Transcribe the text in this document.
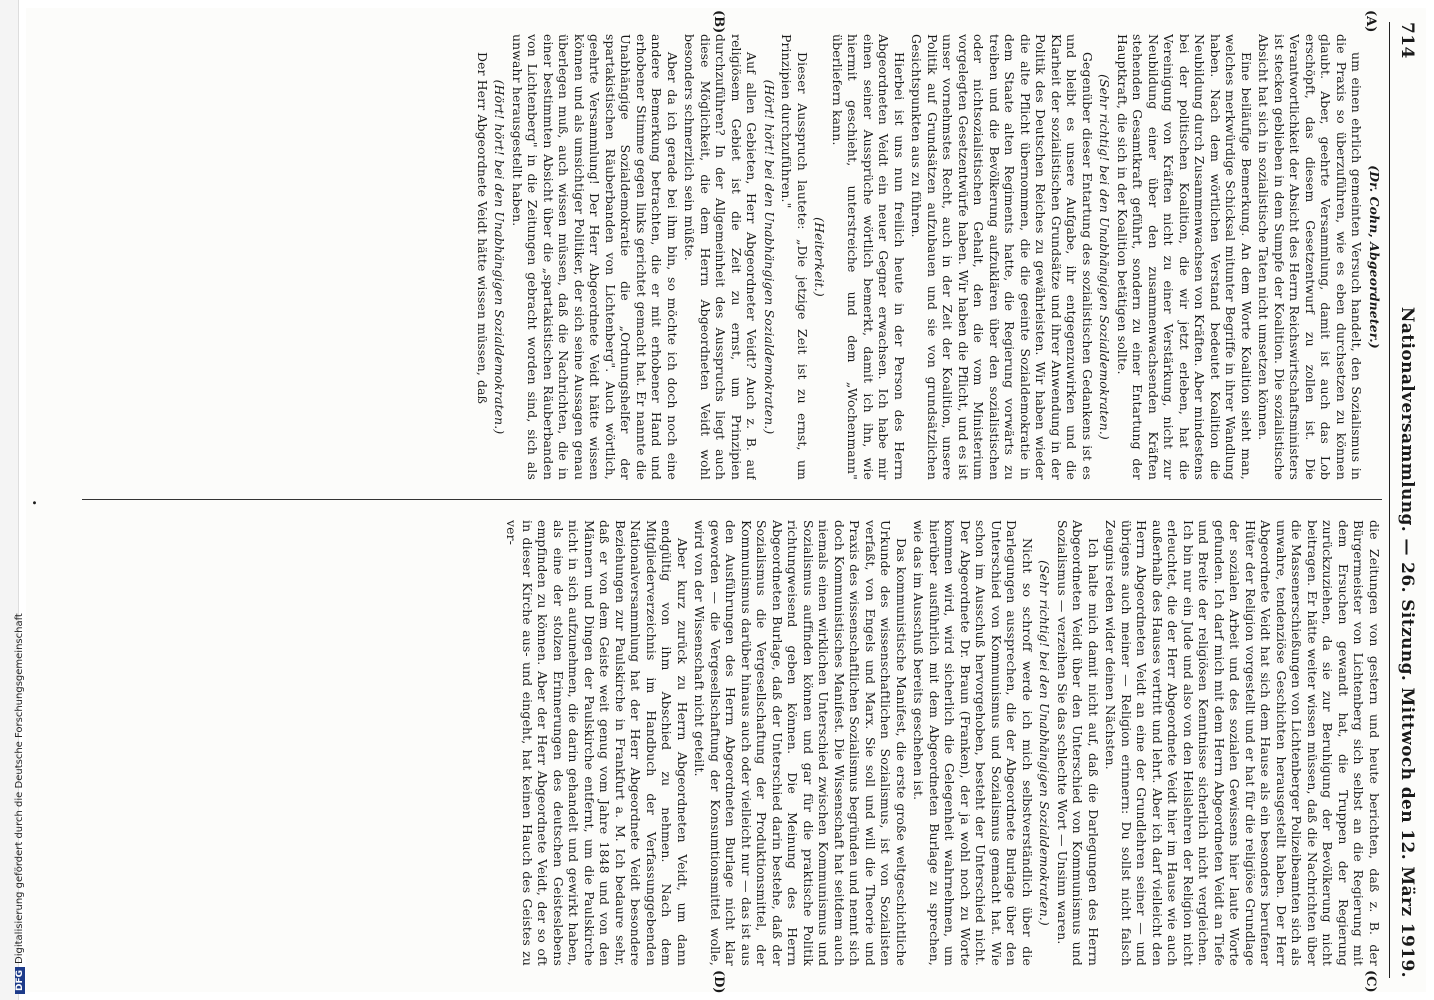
DFGDigitalisierung gefördert durch die Deutsche Forschungsgemeinschaft
714
Nationalversammlung. — 26. Sitzung. Mittwoch den 12. März 1919.
(A)
(B)
(C)
(D)

(Dr. Cohn, Abgeordneter.)

um einen ehrlich gemeinten Versuch handelt, den Sozialismus in die Praxis so überzuführen, wie es eben durchsetzen zu können glaubt. Aber, geehrte Versammlung, damit ist auch das Lob erschöpft, das diesem Gesetzentwurf zu zollen ist. Die Verantwortlichkeit der Absicht des Herrn Reichswirtschaftsministers ist stecken geblieben in dem Sumpfe der Koalition. Die sozialistische Absicht hat sich in sozialistische Taten nicht umsetzen können.

Eine beiläufige Bemerkung. An dem Worte Koalition sieht man, welches merkwürdige Schicksal mitunter Begriffe in ihrer Wandlung haben. Nach dem wörtlichen Verstand bedeutet Koalition die Neubildung durch Zusammenwachsen von Kräften. Aber mindestens bei der politischen Koalition, die wir jetzt erleben, hat die Vereinigung von Kräften nicht zu einer Verstärkung, nicht zur Neubildung einer über den zusammenwachsenden Kräften stehenden Gesamtkraft geführt, sondern zu einer Entartung der Hauptkraft, die sich in der Koalition betätigen sollte.

(Sehr richtig! bei den Unabhängigen Sozialdemokraten.)

Gegenüber dieser Entartung des sozialistischen Gedankens ist es und bleibt es unsere Aufgabe, ihr entgegenzuwirken und die Klarheit der sozialistischen Grundsätze und ihrer Anwendung in der Politik des Deutschen Reiches zu gewährleisten. Wir haben wieder die alte Pflicht übernommen, die die geeinte Sozialdemokratie in dem Staate alten Regiments hatte, die Regierung vorwärts zu treiben und die Bevölkerung aufzuklären über den sozialistischen oder nichtsozialistischen Gehalt, den die vom Ministerium vorgelegten Gesetzentwürfe haben. Wir haben die Pflicht, und es ist unser vornehmstes Recht, auch in der Zeit der Koalition, unsere Politik auf Grundsätzen aufzubauen und sie von grundsätzlichen Gesichtspunkten aus zu führen.

Hierbei ist uns nun freilich heute in der Person des Herrn Abgeordneten Veidt ein neuer Gegner erwachsen. Ich habe mir einen seiner Aussprüche wörtlich bemerkt, damit ich ihn, wie hiermit geschieht, unterstreiche und dem „Wochenmann" überliefern kann.

(Heiterkeit.)

Dieser Ausspruch lautete: „Die jetzige Zeit ist zu ernst, um Prinzipien durchzuführen."

(Hört! hört! bei den Unabhängigen Sozialdemokraten.)

Auf allen Gebieten, Herr Abgeordneter Veidt? Auch z. B. auf religiösem Gebiet ist die Zeit zu ernst, um Prinzipien durchzuführen? In der Allgemeinheit des Ausspruchs liegt auch diese Möglichkeit, die dem Herrn Abgeordneten Veidt wohl besonders schmerzlich sein müßte.

Aber da ich gerade bei ihm bin, so möchte ich doch noch eine andere Bemerkung betrachten, die er mit erhobener Hand und erhobener Stimme gegen links gerichtet gemacht hat. Er nannte die Unabhängige Sozialdemokratie die „Ordnungshelfer der spartakistischen Räuberbanden von Lichtenberg". Auch wörtlich, geehrte Versammlung! Der Herr Abgeordnete Veidt hätte wissen können und als umsichtiger Politiker, der sich seine Aussagen genau überlegen muß, auch wissen müssen, daß die Nachrichten, die in einer bestimmten Absicht über die „spartakistischen Räuberbanden von Lichtenberg" in die Zeitungen gebracht worden sind, sich als unwahr herausgestellt haben.

(Hört! hört! bei den Unabhängigen Sozialdemokraten.)

Der Herr Abgeordnete Veidt hätte wissen müssen, daß

die Zeitungen von gestern und heute berichten, daß z. B. der Bürgermeister von Lichtenberg sich selbst an die Regierung mit dem Ersuchen gewandt hat, die Truppen der Regierung zurückzuziehen, da sie zur Beruhigung der Bevölkerung nicht beitragen. Er hätte weiter wissen müssen, daß die Nachrichten über die Massenerschießungen von Lichtenberger Polizeibeamten sich als unwahre, tendenziöse Geschichten herausgestellt haben. Der Herr Abgeordnete Veidt hat sich dem Hause als ein besonders berufener Hüter der Religion vorgestellt und er hat für die religiöse Grundlage der sozialen Arbeit und des sozialen Gewissens hier laute Worte gefunden. Ich darf mich mit dem Herrn Abgeordneten Veidt an Tiefe und Breite der religiösen Kenntnisse sicherlich nicht vergleichen. Ich bin nur ein Jude und also von den Heilslehren der Religion nicht erleuchtet, die der Herr Abgeordnete Veidt hier im Hause wie auch außerhalb des Hauses vertritt und lehrt. Aber ich darf vielleicht den Herrn Abgeordneten Veidt an eine der Grundlehren seiner — und übrigens auch meiner — Religion erinnern: Du sollst nicht falsch Zeugnis reden wider deinen Nächsten.

Ich halte mich damit nicht auf, daß die Darlegungen des Herrn Abgeordneten Veidt über den Unterschied von Kommunismus und Sozialismus — verzeihen Sie das schlechte Wort — Unsinn waren.

(Sehr richtig! bei den Unabhängigen Sozialdemokraten.)

Nicht so schroff werde ich mich selbstverständlich über die Darlegungen aussprechen, die der Abgeordnete Burlage über den Unterschied von Kommunismus und Sozialismus gemacht hat. Wie schon im Ausschuß hervorgehoben, besteht der Unterschied nicht. Der Abgeordnete Dr. Braun (Franken), der ja wohl noch zu Worte kommen wird, wird sicherlich die Gelegenheit wahrnehmen, um hierüber ausführlich mit dem Abgeordneten Burlage zu sprechen, wie das im Ausschuß bereits geschehen ist.

Das kommunistische Manifest, die erste große weltgeschichtliche Urkunde des wissenschaftlichen Sozialismus, ist von Sozialisten verfaßt, von Engels und Marx. Sie soll und will die Theorie und Praxis des wissenschaftlichen Sozialismus begründen und nennt sich doch Kommunistisches Manifest. Die Wissenschaft hat seitdem auch niemals einen wirklichen Unterschied zwischen Kommunismus und Sozialismus auffinden können und gar für die praktische Politik richtungweisend geben können. Die Meinung des Herrn Abgeordneten Burlage, daß der Unterschied darin bestehe, daß der Sozialismus die Vergesellschaftung der Produktionsmittel, der Kommunismus darüber hinaus auch oder vielleicht nur — das ist aus den Ausführungen des Herrn Abgeordneten Burlage nicht klar geworden — die Vergesellschaftung der Konsumtionsmittel wolle, wird von der Wissenschaft nicht geteilt.

Aber kurz zurück zu Herrn Abgeordneten Veidt, um dann endgültig von ihm Abschied zu nehmen. Nach dem Mitgliederverzeichnis im Handbuch der Verfassunggebenden Nationalversammlung hat der Herr Abgeordnete Veidt besondere Beziehungen zur Paulskirche in Frankfurt a. M. Ich bedaure sehr, daß er von dem Geiste weit genug vom Jahre 1848 und von den Männern und Dingen der Paulskirche entfernt, um die Paulskirche nicht in sich aufzunehmen, die darin gehandelt und gewirkt haben, als eine der stolzen Erinnerungen des deutschen Geisteslebens empfinden zu können. Aber der Herr Abgeordnete Veidt, der so oft in dieser Kirche aus- und eingeht, hat keinen Hauch des Geistes zu ver-

.
